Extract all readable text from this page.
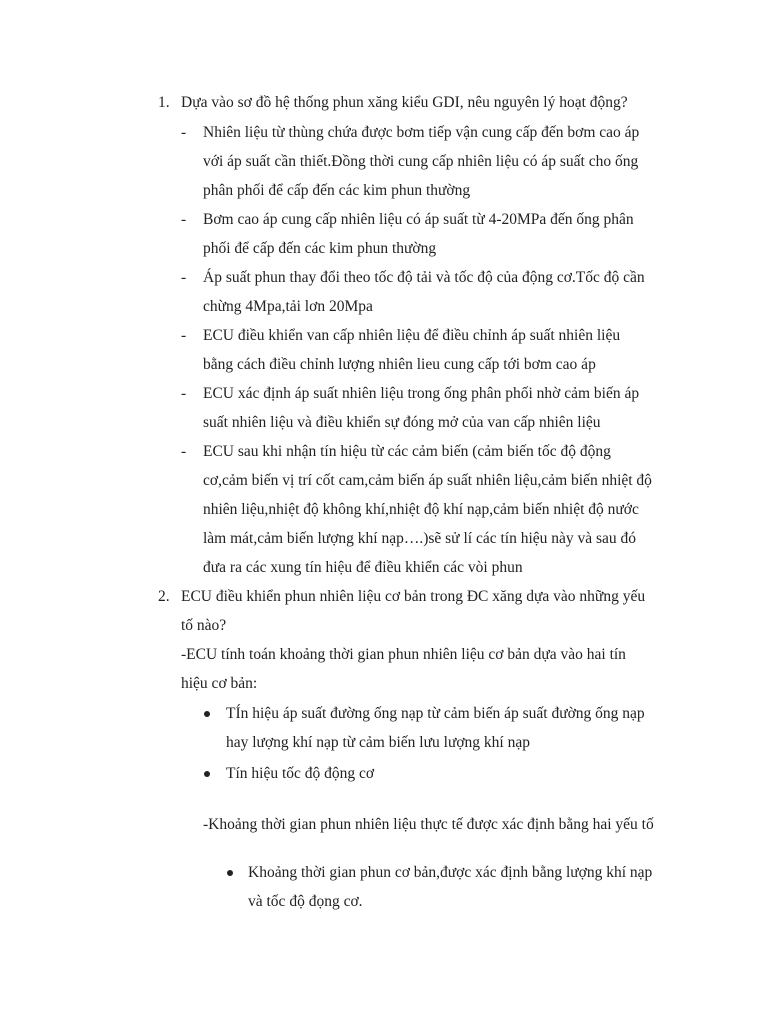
1. Dựa vào sơ đồ hệ thống phun xăng kiểu GDI, nêu nguyên lý hoạt động?
- Nhiên liệu từ thùng chứa được bơm tiếp vận cung cấp đến bơm cao áp
với áp suất cần thiết.Đồng thời cung cấp nhiên liệu có áp suất cho ống
phân phối để cấp đến các kim phun thường
- Bơm cao áp cung cấp nhiên liệu có áp suất từ 4-20MPa đến ống phân
phối để cấp đến các kim phun thường
- Áp suất phun thay đổi theo tốc độ tải và tốc độ của động cơ.Tốc độ cần
chừng 4Mpa,tải lơn 20Mpa
- ECU điều khiển van cấp nhiên liệu để điều chỉnh áp suất nhiên liệu
bằng cách điều chỉnh lượng nhiên lieu cung cấp tới bơm cao áp
- ECU xác định áp suất nhiên liệu trong ống phân phối nhờ cảm biến áp
suất nhiên liệu và điều khiển sự đóng mở của van cấp nhiên liệu
- ECU sau khi nhận tín hiệu từ các cảm biến (cảm biến tốc độ động
cơ,cảm biến vị trí cốt cam,cảm biến áp suất nhiên liệu,cảm biến nhiệt độ
nhiên liệu,nhiệt độ không khí,nhiệt độ khí nạp,cảm biến nhiệt độ nước
làm mát,cảm biến lượng khí nạp….)sẽ sử lí các tín hiệu này và sau đó
đưa ra các xung tín hiệu để điều khiển các vòi phun
2. ECU điều khiển phun nhiên liệu cơ bản trong ĐC xăng dựa vào những yếu
tố nào?
-ECU tính toán khoảng thời gian phun nhiên liệu cơ bản dựa vào hai tín
hiệu cơ bản:
TÍn hiệu áp suất đường ống nạp từ cảm biến áp suất đường ống nạp
hay lượng khí nạp từ cảm biến lưu lượng khí nạp
Tín hiệu tốc độ động cơ
-Khoảng thời gian phun nhiên liệu thực tế được xác định bằng hai yếu tố
Khoảng thời gian phun cơ bản,được xác định bằng lượng khí nạp
và tốc độ đọng cơ.
